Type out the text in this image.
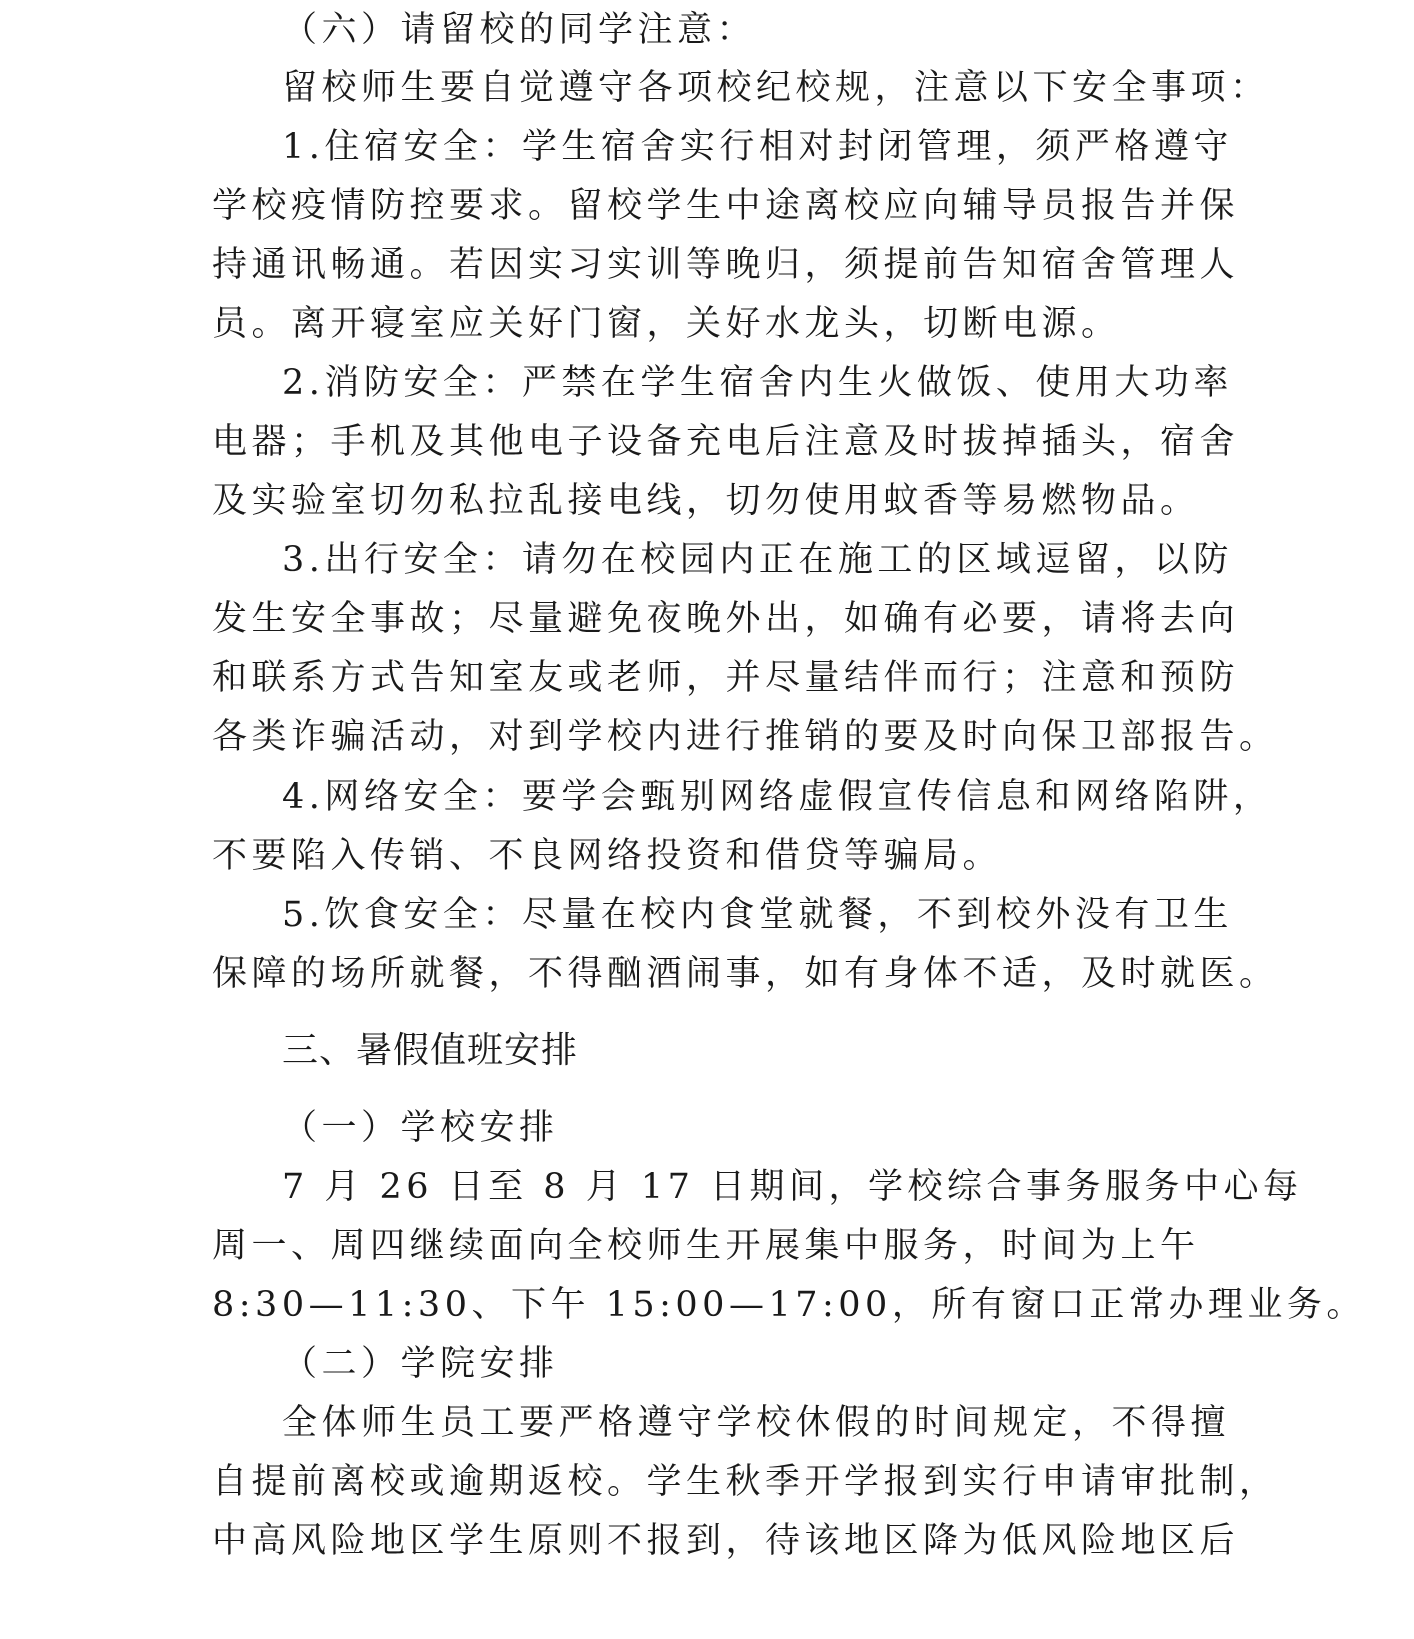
（六）请留校的同学注意：
留校师生要自觉遵守各项校纪校规，注意以下安全事项：
1.住宿安全：学生宿舍实行相对封闭管理，须严格遵守
学校疫情防控要求。留校学生中途离校应向辅导员报告并保
持通讯畅通。若因实习实训等晚归，须提前告知宿舍管理人
员。离开寝室应关好门窗，关好水龙头，切断电源。
2.消防安全：严禁在学生宿舍内生火做饭、使用大功率
电器；手机及其他电子设备充电后注意及时拔掉插头，宿舍
及实验室切勿私拉乱接电线，切勿使用蚊香等易燃物品。
3.出行安全：请勿在校园内正在施工的区域逗留，以防
发生安全事故；尽量避免夜晚外出，如确有必要，请将去向
和联系方式告知室友或老师，并尽量结伴而行；注意和预防
各类诈骗活动，对到学校内进行推销的要及时向保卫部报告。
4.网络安全：要学会甄别网络虚假宣传信息和网络陷阱，
不要陷入传销、不良网络投资和借贷等骗局。
5.饮食安全：尽量在校内食堂就餐，不到校外没有卫生
保障的场所就餐，不得酗酒闹事，如有身体不适，及时就医。
三、暑假值班安排
（一）学校安排
7 月 26 日至 8 月 17 日期间，学校综合事务服务中心每
周一、周四继续面向全校师生开展集中服务，时间为上午
8:30—11:30、下午 15:00—17:00，所有窗口正常办理业务。
（二）学院安排
全体师生员工要严格遵守学校休假的时间规定，不得擅
自提前离校或逾期返校。学生秋季开学报到实行申请审批制，
中高风险地区学生原则不报到，待该地区降为低风险地区后
